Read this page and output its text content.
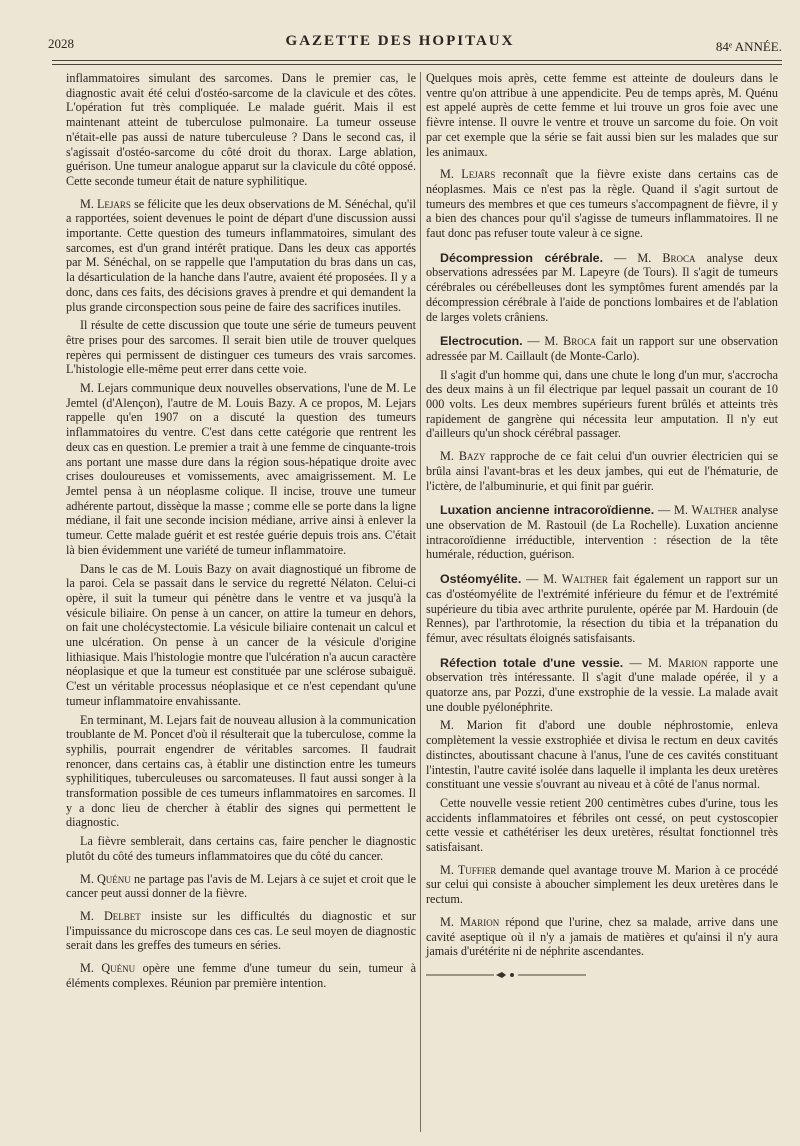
2028	GAZETTE DES HOPITAUX	84ᵉ ANNÉE.

inflammatoires simulant des sarcomes. Dans le premier cas, le diagnostic avait été celui d'ostéo-sarcome de la clavicule et des côtes. L'opération fut très compliquée. Le malade guérit. Mais il est maintenant atteint de tuberculose pulmonaire. La tumeur osseuse n'était-elle pas aussi de nature tuberculeuse ? Dans le second cas, il s'agissait d'ostéo-sarcome du côté droit du thorax. Large ablation, guérison. Une tumeur analogue apparut sur la clavicule du côté opposé. Cette seconde tumeur était de nature syphilitique.

M. Lejars se félicite que les deux observations de M. Sénéchal, qu'il a rapportées, soient devenues le point de départ d'une discussion aussi importante. Cette question des tumeurs inflammatoires, simulant des sarcomes, est d'un grand intérêt pratique. Dans les deux cas apportés par M. Sénéchal, on se rappelle que l'amputation du bras dans un cas, la désarticulation de la hanche dans l'autre, avaient été proposées. Il y a donc, dans ces faits, des décisions graves à prendre et qui demandent la plus grande circonspection sous peine de faire des sacrifices inutiles.

Il résulte de cette discussion que toute une série de tumeurs peuvent être prises pour des sarcomes. Il serait bien utile de trouver quelques repères qui permissent de distinguer ces tumeurs des vrais sarcomes. L'histologie elle-même peut errer dans cette voie.

M. Lejars communique deux nouvelles observations, l'une de M. Le Jemtel (d'Alençon), l'autre de M. Louis Bazy. A ce propos, M. Lejars rappelle qu'en 1907 on a discuté la question des tumeurs inflammatoires du ventre. C'est dans cette catégorie que rentrent les deux cas en question. Le premier a trait à une femme de cinquante-trois ans portant une masse dure dans la région sous-hépatique droite avec crises douloureuses et vomissements, avec amaigrissement. M. Le Jemtel pensa à un néoplasme colique. Il incise, trouve une tumeur adhérente partout, dissèque la masse ; comme elle se porte dans la ligne médiane, il fait une seconde incision médiane, arrive ainsi à enlever la tumeur. Cette malade guérit et est restée guérie depuis trois ans. C'était là bien évidemment une variété de tumeur inflammatoire.

Dans le cas de M. Louis Bazy on avait diagnostiqué un fibrome de la paroi. Cela se passait dans le service du regretté Nélaton. Celui-ci opère, il suit la tumeur qui pénètre dans le ventre et va jusqu'à la vésicule biliaire. On pense à un cancer, on attire la tumeur en dehors, on fait une cholécystectomie. La vésicule biliaire contenait un calcul et une ulcération. On pense à un cancer de la vésicule d'origine lithiasique. Mais l'histologie montre que l'ulcération n'a aucun caractère néoplasique et que la tumeur est constituée par une sclérose subaiguë. C'est un véritable processus néoplasique et ce n'est cependant qu'une tumeur inflammatoire envahissante.

En terminant, M. Lejars fait de nouveau allusion à la communication troublante de M. Poncet d'où il résulterait que la tuberculose, comme la syphilis, pourrait engendrer de véritables sarcomes. Il faudrait renoncer, dans certains cas, à établir une distinction entre les tumeurs syphilitiques, tuberculeuses ou sarcomateuses. Il faut aussi songer à la transformation possible de ces tumeurs inflammatoires en sarcomes. Il y a donc lieu de chercher à établir des signes qui permettent le diagnostic.

La fièvre semblerait, dans certains cas, faire pencher le diagnostic plutôt du côté des tumeurs inflammatoires que du côté du cancer.

M. Quénu ne partage pas l'avis de M. Lejars à ce sujet et croit que le cancer peut aussi donner de la fièvre.

M. Delbet insiste sur les difficultés du diagnostic et sur l'impuissance du microscope dans ces cas. Le seul moyen de diagnostic serait dans les greffes des tumeurs en séries.

M. Quénu opère une femme d'une tumeur du sein, tumeur à éléments complexes. Réunion par première intention.

Quelques mois après, cette femme est atteinte de douleurs dans le ventre qu'on attribue à une appendicite. Peu de temps après, M. Quénu est appelé auprès de cette femme et lui trouve un gros foie avec une fièvre intense. Il ouvre le ventre et trouve un sarcome du foie. On voit par cet exemple que la série se fait aussi bien sur les malades que sur les animaux.

M. Lejars reconnaît que la fièvre existe dans certains cas de néoplasmes. Mais ce n'est pas la règle. Quand il s'agit surtout de tumeurs des membres et que ces tumeurs s'accompagnent de fièvre, il y a bien des chances pour qu'il s'agisse de tumeurs inflammatoires. Il ne faut donc pas refuser toute valeur à ce signe.

Décompression cérébrale. — M. Broca analyse deux observations adressées par M. Lapeyre (de Tours). Il s'agit de tumeurs cérébrales ou cérébelleuses dont les symptômes furent amendés par la décompression cérébrale à l'aide de ponctions lombaires et de l'ablation de larges volets crâniens.

Electrocution. — M. Broca fait un rapport sur une observation adressée par M. Caillault (de Monte-Carlo).

Il s'agit d'un homme qui, dans une chute le long d'un mur, s'accrocha des deux mains à un fil électrique par lequel passait un courant de 10 000 volts. Les deux membres supérieurs furent brûlés et atteints très rapidement de gangrène qui nécessita leur amputation. Il n'y eut d'ailleurs qu'un shock cérébral passager.

M. Bazy rapproche de ce fait celui d'un ouvrier électricien qui se brûla ainsi l'avant-bras et les deux jambes, qui eut de l'hématurie, de l'ictère, de l'albuminurie, et qui finit par guérir.

Luxation ancienne intracoroïdienne. — M. Walther analyse une observation de M. Rastouil (de La Rochelle). Luxation ancienne intracoroïdienne irréductible, intervention : résection de la tête humérale, réduction, guérison.

Ostéomyélite. — M. Walther fait également un rapport sur un cas d'ostéomyélite de l'extrémité inférieure du fémur et de l'extrémité supérieure du tibia avec arthrite purulente, opérée par M. Hardouin (de Rennes), par l'arthrotomie, la résection du tibia et la trépanation du fémur, avec résultats éloignés satisfaisants.

Réfection totale d'une vessie. — M. Marion rapporte une observation très intéressante. Il s'agit d'une malade opérée, il y a quatorze ans, par Pozzi, d'une exstrophie de la vessie. La malade avait une double pyélonéphrite.

M. Marion fit d'abord une double néphrostomie, enleva complètement la vessie exstrophiée et divisa le rectum en deux cavités distinctes, aboutissant chacune à l'anus, l'une de ces cavités constituant l'intestin, l'autre cavité isolée dans laquelle il implanta les deux uretères constituant une vessie s'ouvrant au niveau et à côté de l'anus normal.

Cette nouvelle vessie retient 200 centimètres cubes d'urine, tous les accidents inflammatoires et fébriles ont cessé, on peut cystoscopier cette vessie et cathétériser les deux uretères, résultat fonctionnel très satisfaisant.

M. Tuffier demande quel avantage trouve M. Marion à ce procédé sur celui qui consiste à aboucher simplement les deux uretères dans le rectum.

M. Marion répond que l'urine, chez sa malade, arrive dans une cavité aseptique où il n'y a jamais de matières et qu'ainsi il n'y aura jamais d'urétérite ni de néphrite ascendantes.
